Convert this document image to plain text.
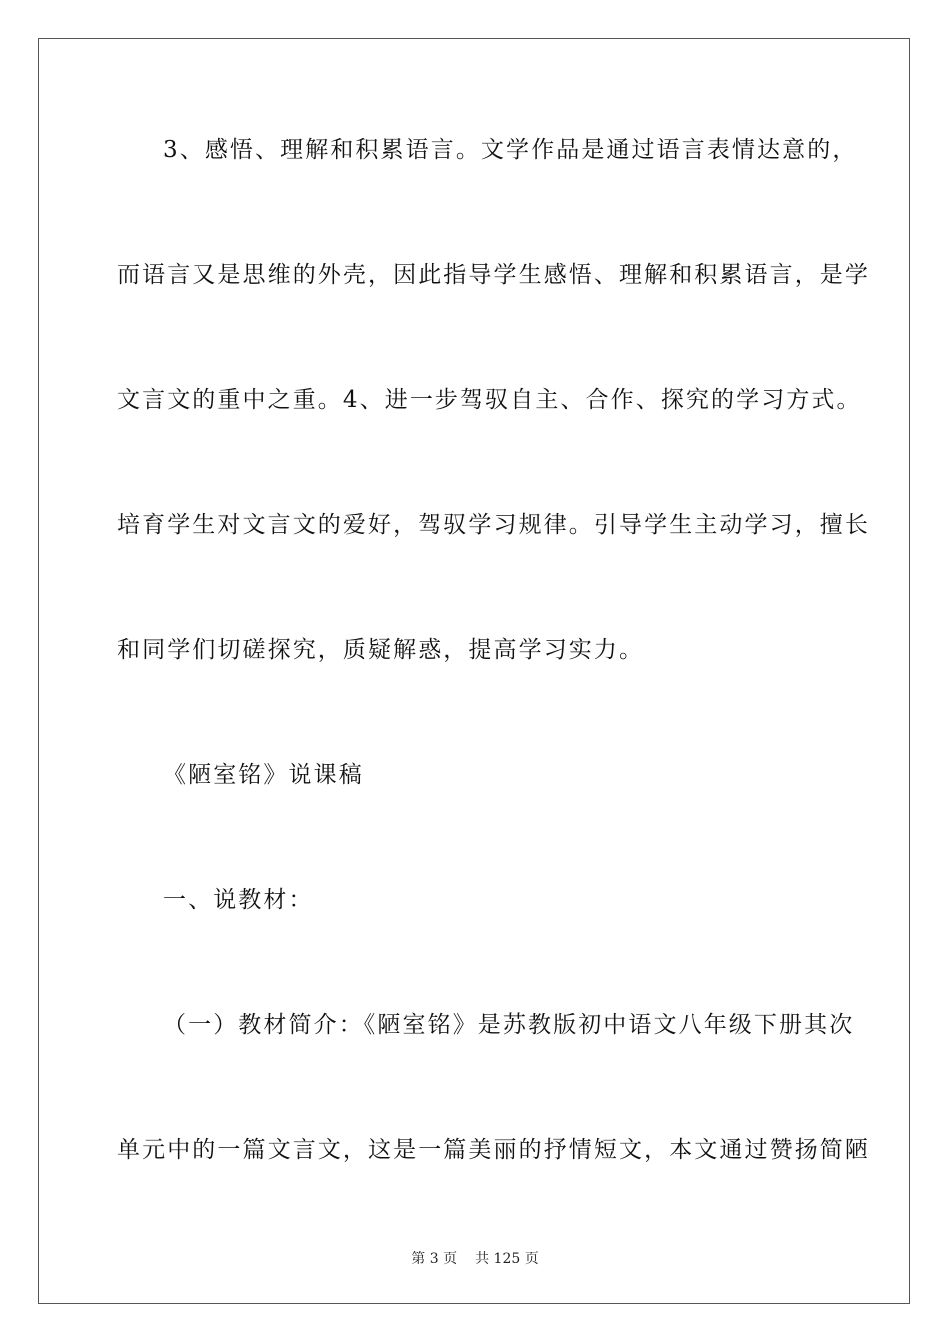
3、感悟、理解和积累语言。文学作品是通过语言表情达意的，
而语言又是思维的外壳，因此指导学生感悟、理解和积累语言，是学
文言文的重中之重。4、进一步驾驭自主、合作、探究的学习方式。
培育学生对文言文的爱好，驾驭学习规律。引导学生主动学习，擅长
和同学们切磋探究，质疑解惑，提高学习实力。
《陋室铭》说课稿
一、说教材：
（一）教材简介：《陋室铭》是苏教版初中语文八年级下册其次
单元中的一篇文言文，这是一篇美丽的抒情短文，本文通过赞扬简陋
第 3 页 共 125 页
